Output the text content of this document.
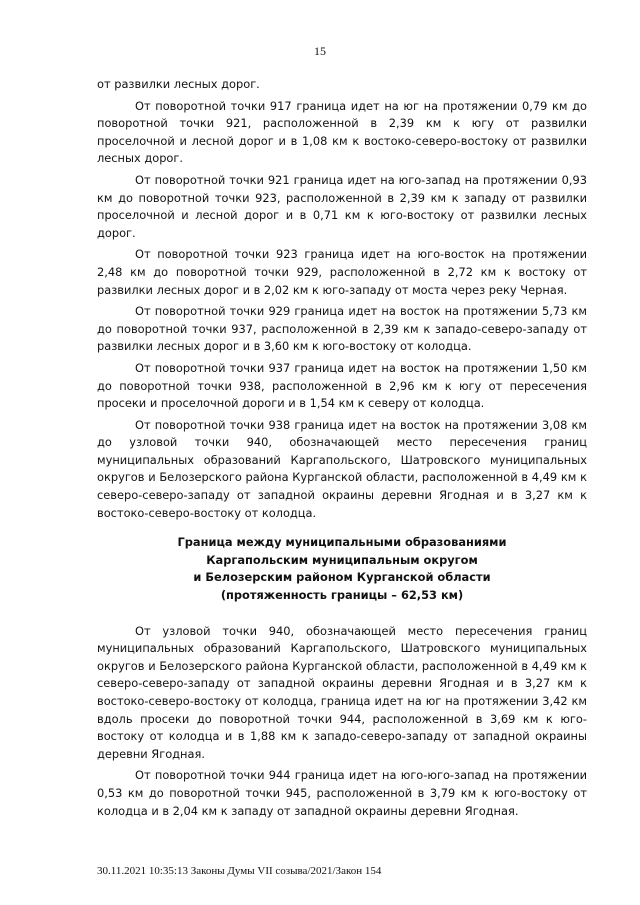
15

от развилки лесных дорог.

От поворотной точки 917 граница идет на юг на протяжении 0,79 км до поворотной точки 921, расположенной в 2,39 км к югу от развилки проселочной и лесной дорог и в 1,08 км к востоко-северо-востоку от развилки лесных дорог.

От поворотной точки 921 граница идет на юго-запад на протяжении 0,93 км до поворотной точки 923, расположенной в 2,39 км к западу от развилки проселочной и лесной дорог и в 0,71 км к юго-востоку от развилки лесных дорог.

От поворотной точки 923 граница идет на юго-восток на протяжении 2,48 км до поворотной точки 929, расположенной в 2,72 км к востоку от развилки лесных дорог и в 2,02 км к юго-западу от моста через реку Черная.

От поворотной точки 929 граница идет на восток на протяжении 5,73 км до поворотной точки 937, расположенной в 2,39 км к западо-северо-западу от развилки лесных дорог и в 3,60 км к юго-востоку от колодца.

От поворотной точки 937 граница идет на восток на протяжении 1,50 км до поворотной точки 938, расположенной в 2,96 км к югу от пересечения просеки и проселочной дороги и в 1,54 км к северу от колодца.

От поворотной точки 938 граница идет на восток на протяжении 3,08 км до узловой точки 940, обозначающей место пересечения границ муниципальных образований Каргапольского, Шатровского муниципальных округов и Белозерского района Курганской области, расположенной в 4,49 км к северо-северо-западу от западной окраины деревни Ягодная и в 3,27 км к востоко-северо-востоку от колодца.

Граница между муниципальными образованиями
Каргапольским муниципальным округом
и Белозерским районом Курганской области
(протяженность границы – 62,53 км)

От узловой точки 940, обозначающей место пересечения границ муниципальных образований Каргапольского, Шатровского муниципальных округов и Белозерского района Курганской области, расположенной в 4,49 км к северо-северо-западу от западной окраины деревни Ягодная и в 3,27 км к востоко-северо-востоку от колодца, граница идет на юг на протяжении 3,42 км вдоль просеки до поворотной точки 944, расположенной в 3,69 км к юго-востоку от колодца и в 1,88 км к западо-северо-западу от западной окраины деревни Ягодная.

От поворотной точки 944 граница идет на юго-юго-запад на протяжении 0,53 км до поворотной точки 945, расположенной в 3,79 км к юго-востоку от колодца и в 2,04 км к западу от западной окраины деревни Ягодная.

30.11.2021 10:35:13 Законы Думы VII созыва/2021/Закон 154
